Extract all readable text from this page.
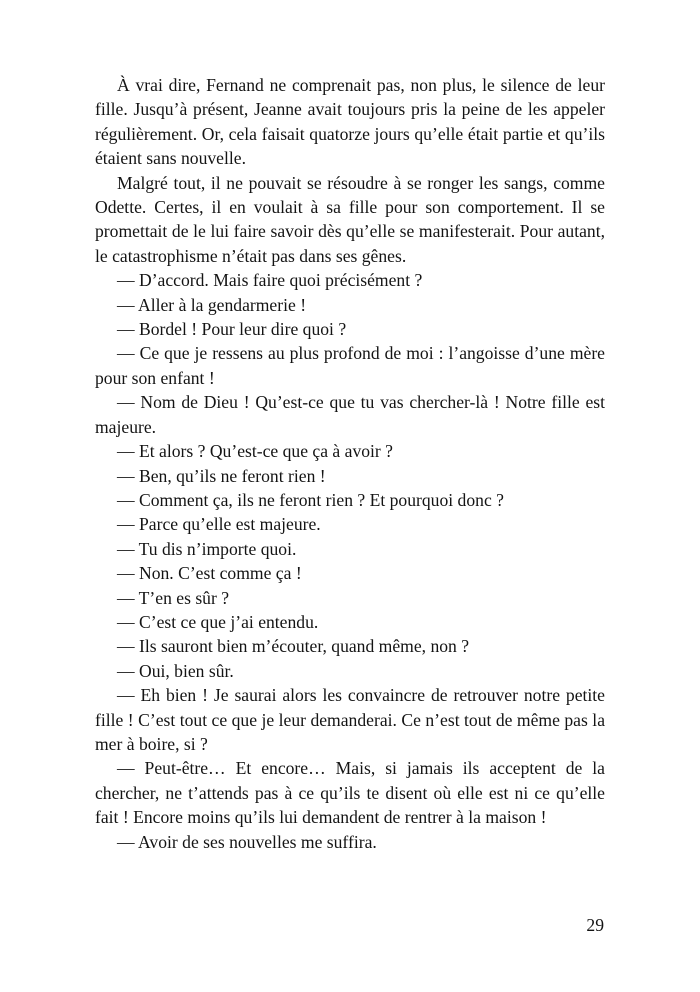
À vrai dire, Fernand ne comprenait pas, non plus, le silence de leur fille. Jusqu’à présent, Jeanne avait toujours pris la peine de les appeler régulièrement. Or, cela faisait quatorze jours qu’elle était partie et qu’ils étaient sans nouvelle.

Malgré tout, il ne pouvait se résoudre à se ronger les sangs, comme Odette. Certes, il en voulait à sa fille pour son comportement. Il se promettait de le lui faire savoir dès qu’elle se manifesterait. Pour autant, le catastrophisme n’était pas dans ses gênes.

— D’accord. Mais faire quoi précisément ?

— Aller à la gendarmerie !

— Bordel ! Pour leur dire quoi ?

— Ce que je ressens au plus profond de moi : l’angoisse d’une mère pour son enfant !

— Nom de Dieu ! Qu’est-ce que tu vas chercher-là ! Notre fille est majeure.

— Et alors ? Qu’est-ce que ça à avoir ?

— Ben, qu’ils ne feront rien !

— Comment ça, ils ne feront rien ? Et pourquoi donc ?

— Parce qu’elle est majeure.

— Tu dis n’importe quoi.

— Non. C’est comme ça !

— T’en es sûr ?

— C’est ce que j’ai entendu.

— Ils sauront bien m’écouter, quand même, non ?

— Oui, bien sûr.

— Eh bien ! Je saurai alors les convaincre de retrouver notre petite fille ! C’est tout ce que je leur demanderai. Ce n’est tout de même pas la mer à boire, si ?

— Peut-être… Et encore… Mais, si jamais ils acceptent de la chercher, ne t’attends pas à ce qu’ils te disent où elle est ni ce qu’elle fait ! Encore moins qu’ils lui demandent de rentrer à la maison !

— Avoir de ses nouvelles me suffira.

29
